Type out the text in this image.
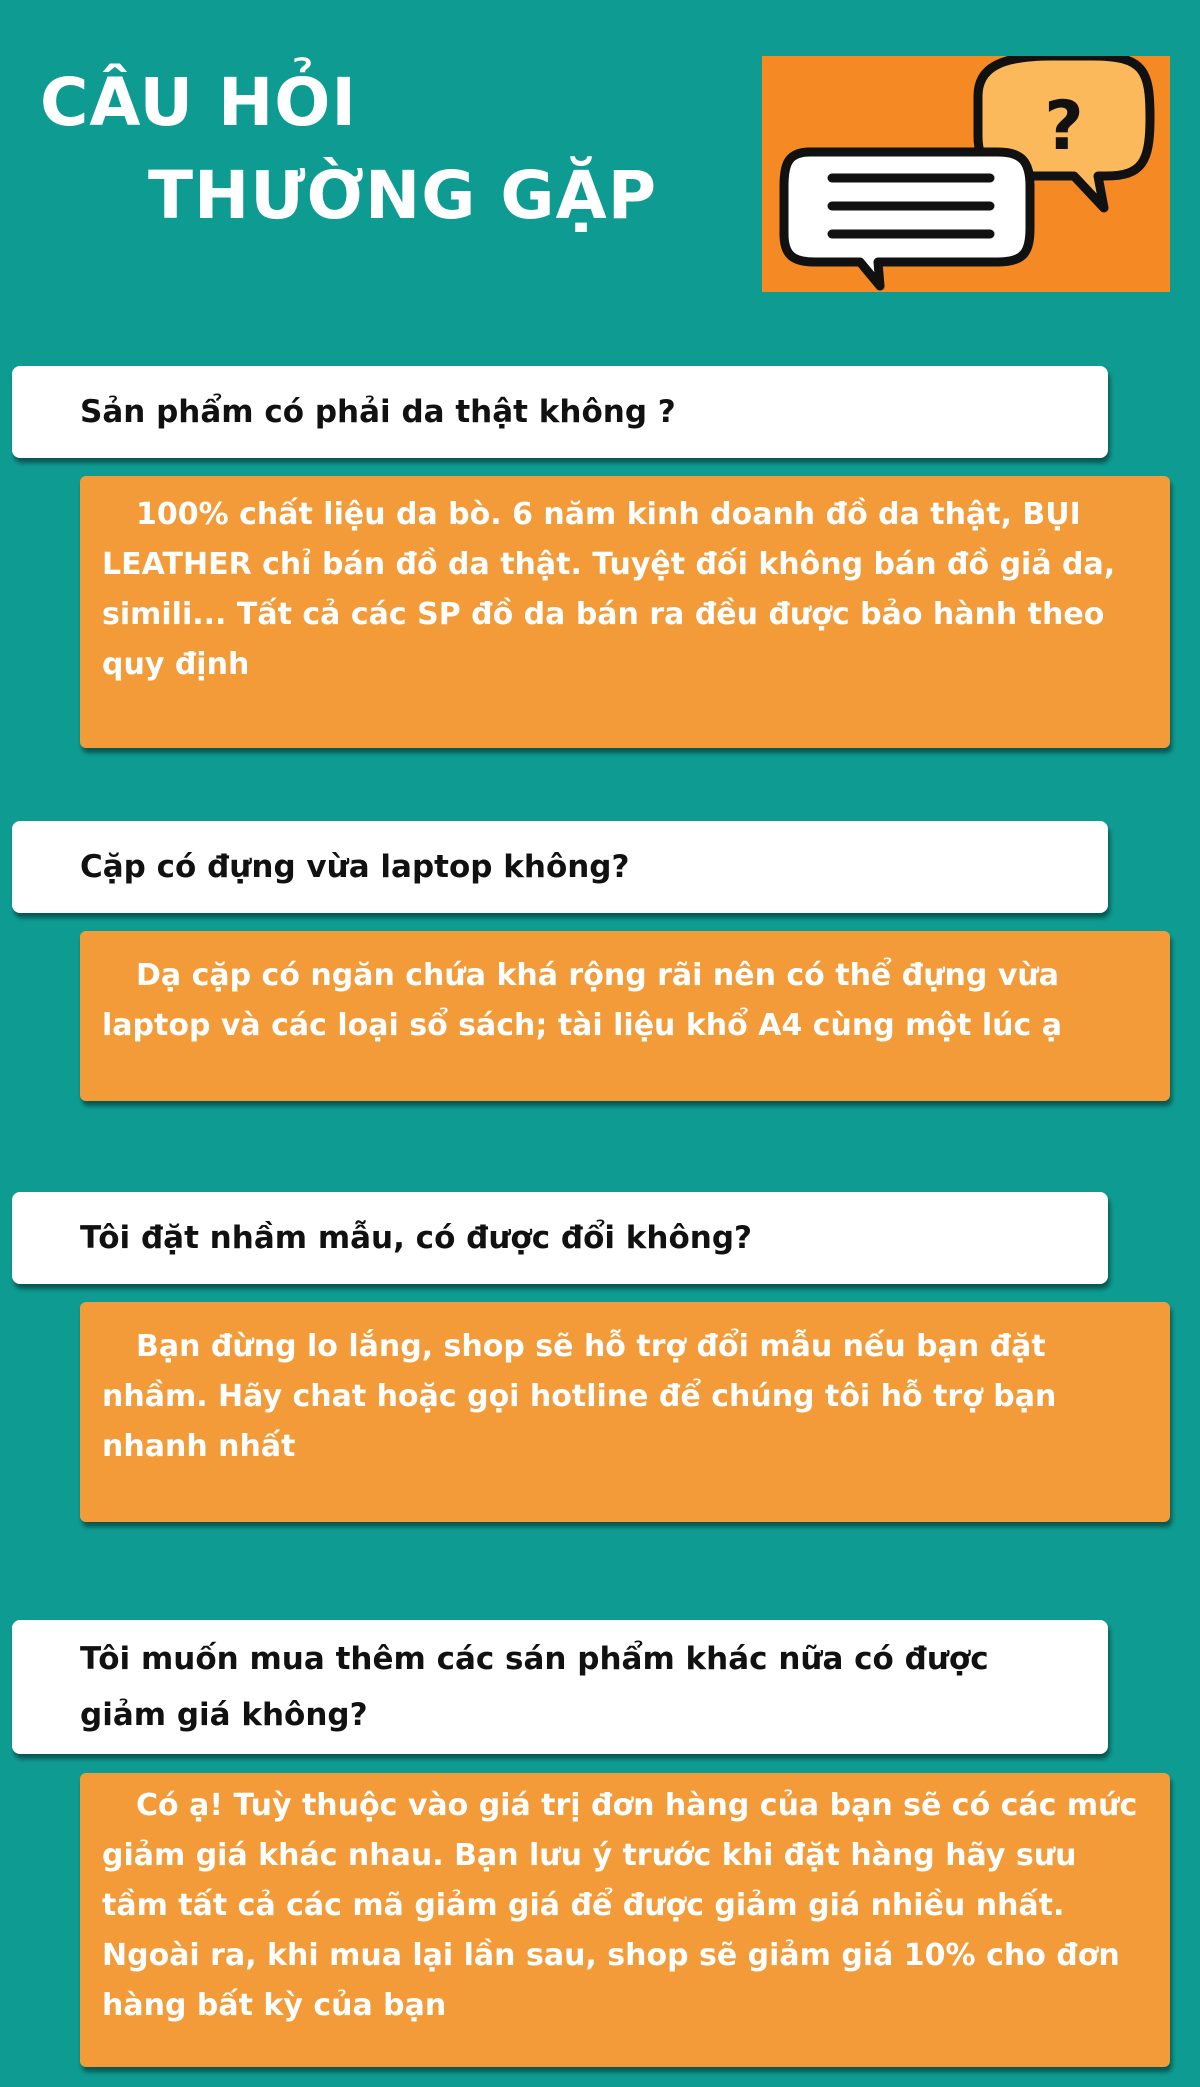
CÂU HỎI
THƯỜNG GẶP
?
Sản phẩm có phải da thật không ?
100% chất liệu da bò. 6 năm kinh doanh đồ da thật, BỤI LEATHER chỉ bán đồ da thật. Tuyệt đối không bán đồ giả da, simili... Tất cả các SP đồ da bán ra đều được bảo hành theo quy định
Cặp có đựng vừa laptop không?
Dạ cặp có ngăn chứa khá rộng rãi nên có thể đựng vừa laptop và các loại sổ sách; tài liệu khổ A4 cùng một lúc ạ
Tôi đặt nhầm mẫu, có được đổi không?
Bạn đừng lo lắng, shop sẽ hỗ trợ đổi mẫu nếu bạn đặt nhầm. Hãy chat hoặc gọi hotline để chúng tôi hỗ trợ bạn nhanh nhất
Tôi muốn mua thêm các sán phẩm khác nữa có được giảm giá không?
Có ạ! Tuỳ thuộc vào giá trị đơn hàng của bạn sẽ có các mức giảm giá khác nhau. Bạn lưu ý trước khi đặt hàng hãy sưu tầm tất cả các mã giảm giá để được giảm giá nhiều nhất. Ngoài ra, khi mua lại lần sau, shop sẽ giảm giá 10% cho đơn hàng bất kỳ của bạn
